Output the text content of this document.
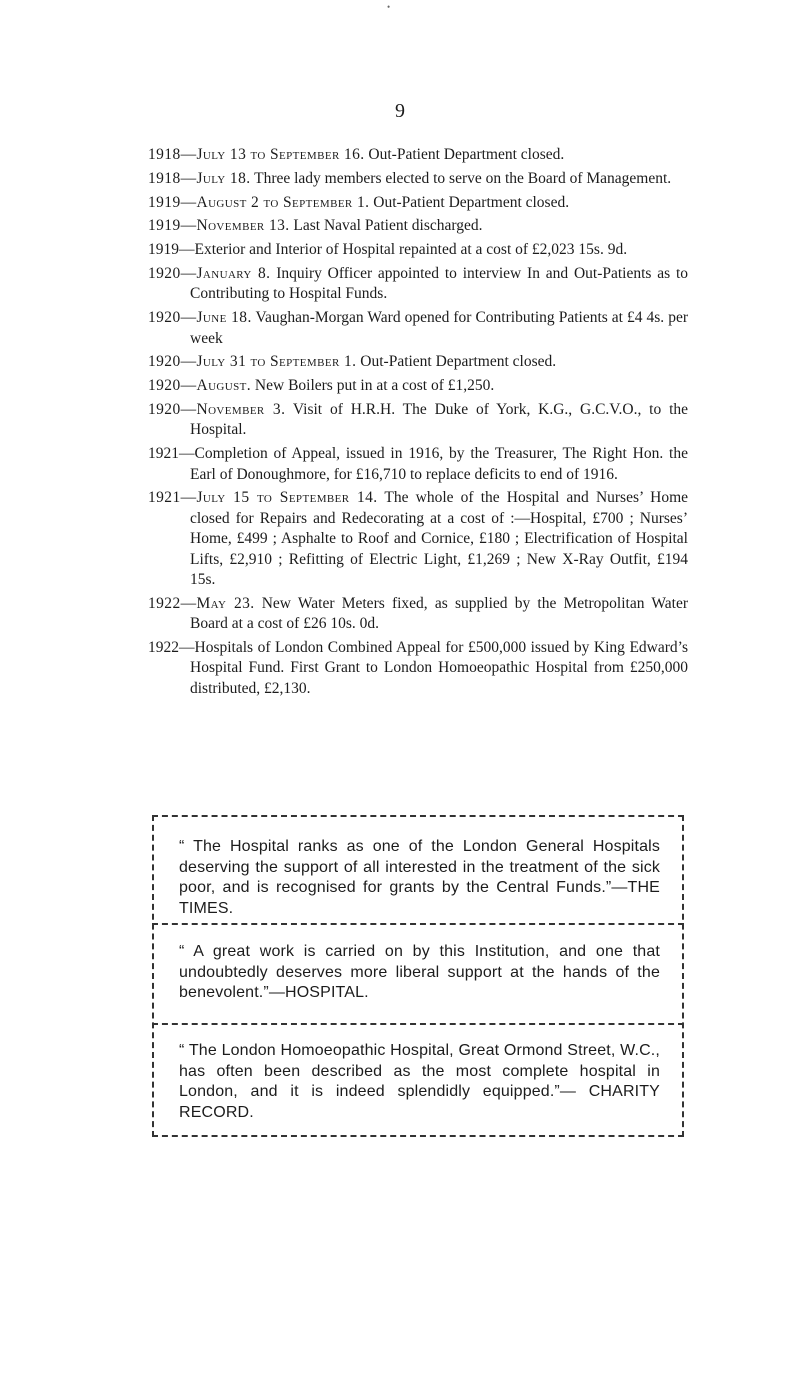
•
9

1918—July 13 to September 16. Out-Patient Department closed.

1918—July 18. Three lady members elected to serve on the Board of Management.

1919—August 2 to September 1. Out-Patient Department closed.

1919—November 13. Last Naval Patient discharged.

1919—Exterior and Interior of Hospital repainted at a cost of £2,023 15s. 9d.

1920—January 8. Inquiry Officer appointed to interview In and Out-Patients as to Contributing to Hospital Funds.

1920—June 18. Vaughan-Morgan Ward opened for Contributing Patients at £4 4s. per week

1920—July 31 to September 1. Out-Patient Department closed.

1920—August. New Boilers put in at a cost of £1,250.

1920—November 3. Visit of H.R.H. The Duke of York, K.G., G.C.V.O., to the Hospital.

1921—Completion of Appeal, issued in 1916, by the Treasurer, The Right Hon. the Earl of Donoughmore, for £16,710 to replace deficits to end of 1916.

1921—July 15 to September 14. The whole of the Hospital and Nurses’ Home closed for Repairs and Redecorating at a cost of :—Hospital, £700 ; Nurses’ Home, £499 ; Asphalte to Roof and Cornice, £180 ; Electrification of Hospital Lifts, £2,910 ; Refitting of Electric Light, £1,269 ; New X-Ray Outfit, £194 15s.

1922—May 23. New Water Meters fixed, as supplied by the Metropolitan Water Board at a cost of £26 10s. 0d.

1922—Hospitals of London Combined Appeal for £500,000 issued by King Edward’s Hospital Fund. First Grant to London Homoeopathic Hospital from £250,000 distributed, £2,130.

“ The Hospital ranks as one of the London General Hospitals deserving the support of all interested in the treatment of the sick poor, and is recognised for grants by the Central Funds.”—THE TIMES.
“ A great work is carried on by this Institution, and one that undoubtedly deserves more liberal support at the hands of the benevolent.”—HOSPITAL.
“ The London Homoeopathic Hospital, Great Ormond Street, W.C., has often been described as the most complete hospital in London, and it is indeed splendidly equipped.”— CHARITY RECORD.
